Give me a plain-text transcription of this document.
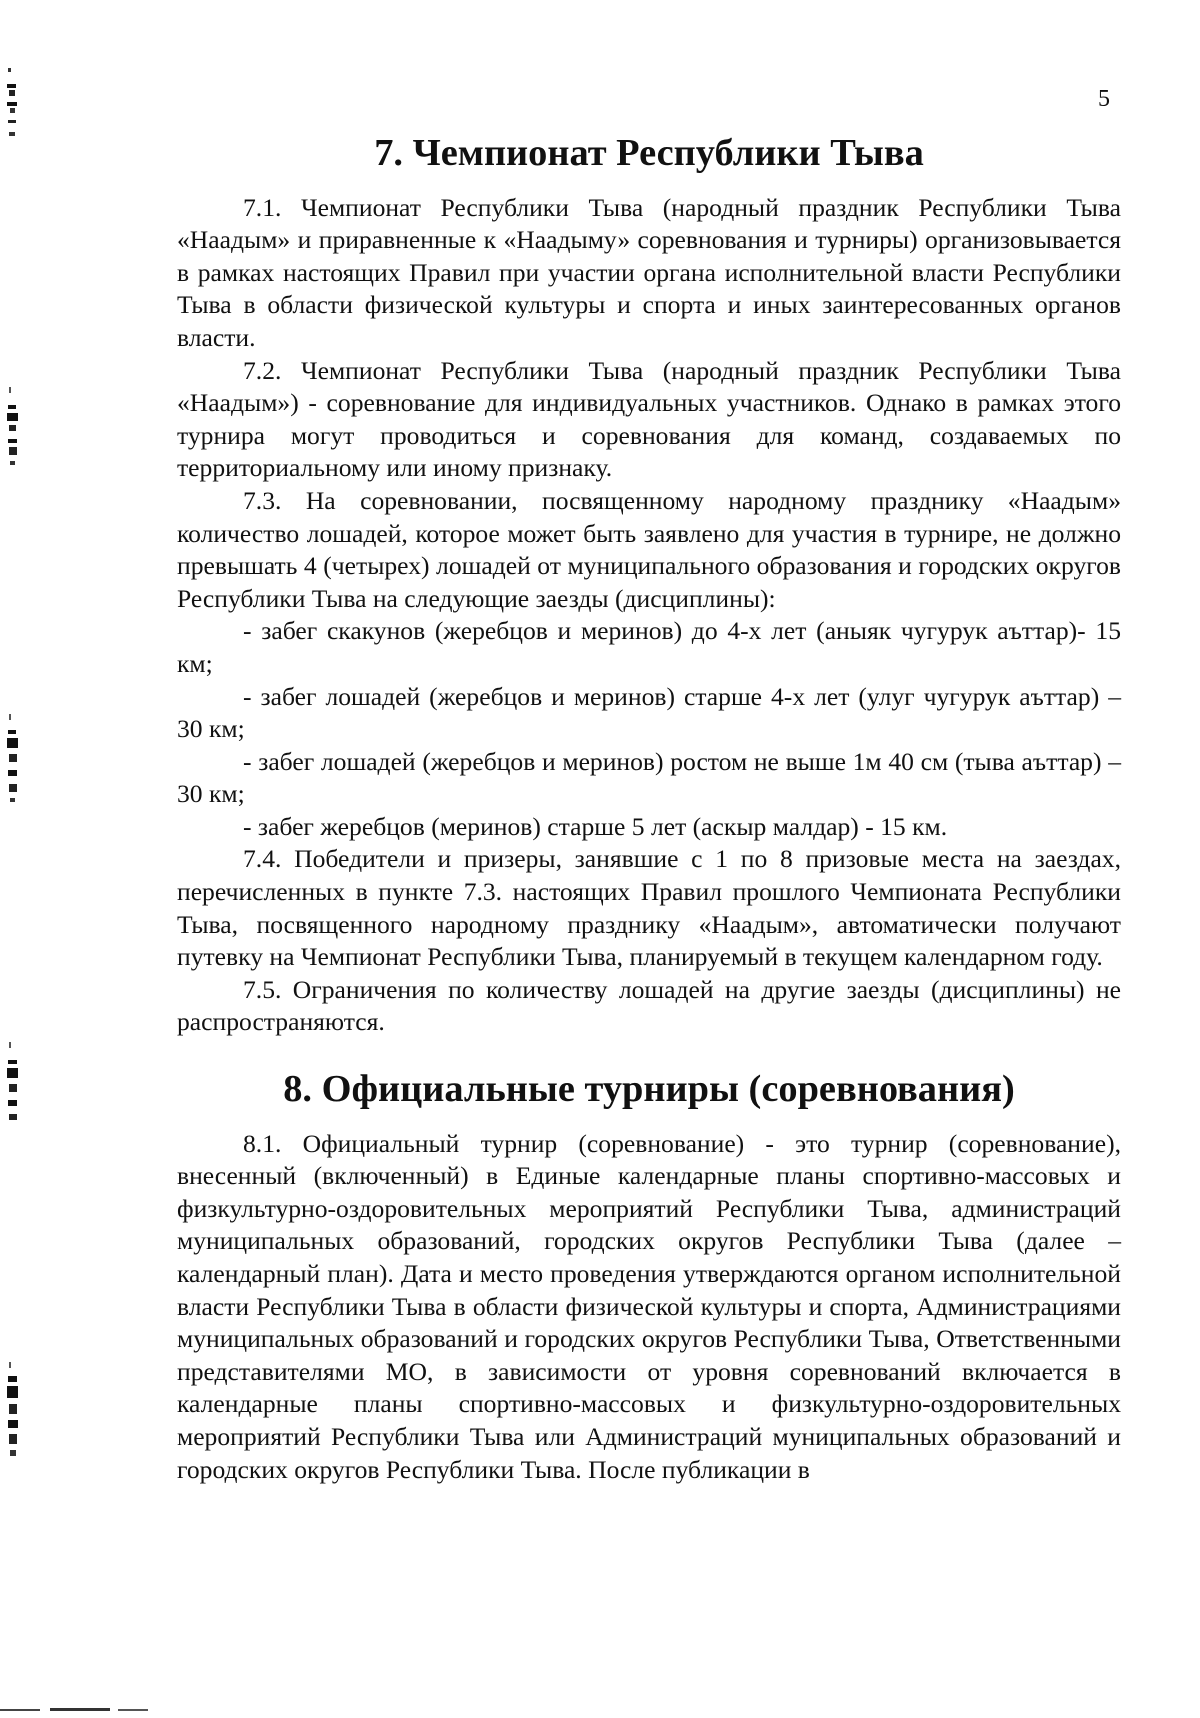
5
7. Чемпионат Республики Тыва

7.1. Чемпионат Республики Тыва (народный праздник Республики Тыва «Наадым» и приравненные к «Наадыму» соревнования и турниры) организовывается в рамках настоящих Правил при участии органа исполнительной власти Республики Тыва в области физической культуры и спорта и иных заинтересованных органов власти.

7.2. Чемпионат Республики Тыва (народный праздник Республики Тыва «Наадым») - соревнование для индивидуальных участников. Однако в рамках этого турнира могут проводиться и соревнования для команд, создаваемых по территориальному или иному признаку.

7.3. На соревновании, посвященному народному празднику «Наадым» количество лошадей, которое может быть заявлено для участия в турнире, не должно превышать 4 (четырех) лошадей от муниципального образования и городских округов Республики Тыва на следующие заезды (дисциплины):

- забег скакунов (жеребцов и меринов) до 4-х лет (аныяк чугурук аъттар)- 15 км;

- забег лошадей (жеребцов и меринов) старше 4-х лет (улуг чугурук аъттар) – 30 км;

- забег лошадей (жеребцов и меринов) ростом не выше 1м 40 см (тыва аъттар) – 30 км;

- забег жеребцов (меринов) старше 5 лет (аскыр малдар) - 15 км.

7.4. Победители и призеры, занявшие с 1 по 8 призовые места на заездах, перечисленных в пункте 7.3. настоящих Правил прошлого Чемпионата Республики Тыва, посвященного народному празднику «Наадым», автоматически получают путевку на Чемпионат Республики Тыва, планируемый в текущем календарном году.

7.5. Ограничения по количеству лошадей на другие заезды (дисциплины) не распространяются.

8. Официальные турниры (соревнования)

8.1. Официальный турнир (соревнование) - это турнир (соревнование), внесенный (включенный) в Единые календарные планы спортивно-массовых и физкультурно-оздоровительных мероприятий Республики Тыва, администраций муниципальных образований, городских округов Республики Тыва (далее – календарный план). Дата и место проведения утверждаются органом исполнительной власти Республики Тыва в области физической культуры и спорта, Администрациями муниципальных образований и городских округов Республики Тыва, Ответственными представителями МО, в зависимости от уровня соревнований включается в календарные планы спортивно-массовых и физкультурно-оздоровительных мероприятий Республики Тыва или Администраций муниципальных образований и городских округов Республики Тыва. После публикации в
